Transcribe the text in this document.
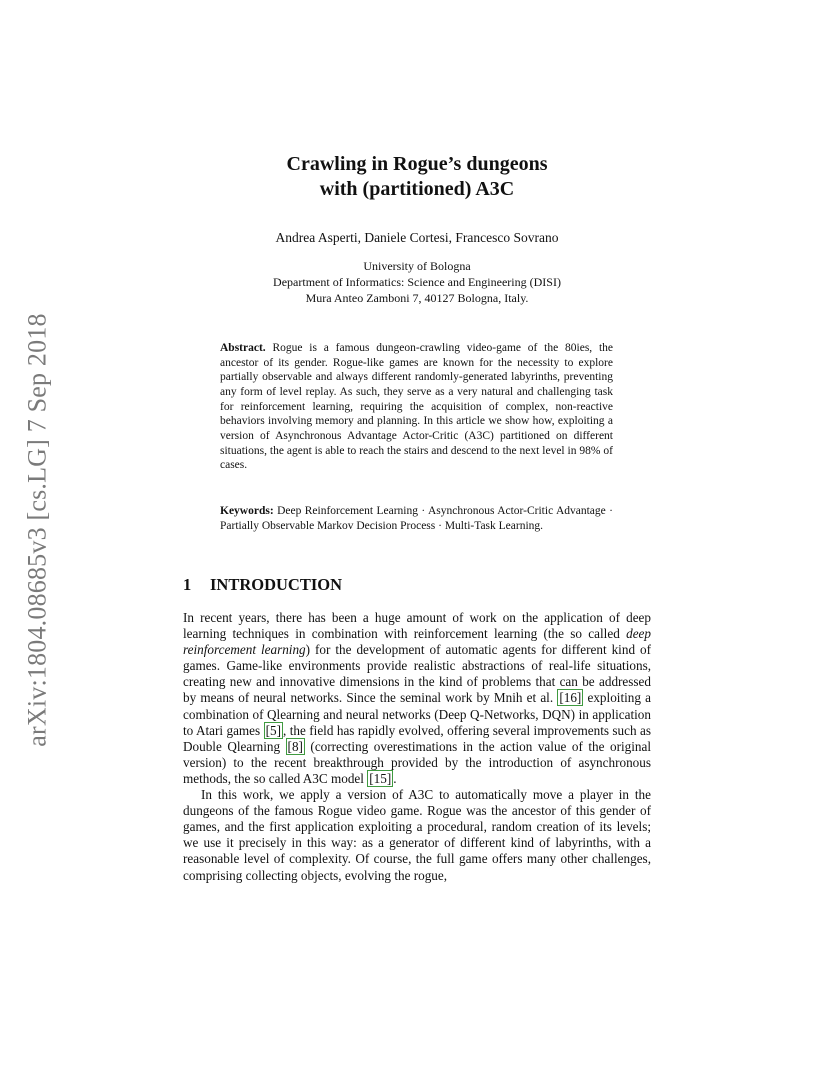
arXiv:1804.08685v3 [cs.LG] 7 Sep 2018
Crawling in Rogue’s dungeons
with (partitioned) A3C
Andrea Asperti, Daniele Cortesi, Francesco Sovrano
University of Bologna
Department of Informatics: Science and Engineering (DISI)
Mura Anteo Zamboni 7, 40127 Bologna, Italy.
Abstract. Rogue is a famous dungeon-crawling video-game of the 80ies, the ancestor of its gender. Rogue-like games are known for the necessity to explore partially observable and always different randomly-generated labyrinths, preventing any form of level replay. As such, they serve as a very natural and challenging task for reinforcement learning, requiring the acquisition of complex, non-reactive behaviors involving memory and planning. In this article we show how, exploiting a version of Asynchronous Advantage Actor-Critic (A3C) partitioned on different situations, the agent is able to reach the stairs and descend to the next level in 98% of cases.
Keywords: Deep Reinforcement Learning · Asynchronous Actor-Critic Advantage · Partially Observable Markov Decision Process · Multi-Task Learning.
1 INTRODUCTION

In recent years, there has been a huge amount of work on the application of deep learning techniques in combination with reinforcement learning (the so called deep reinforcement learning) for the development of automatic agents for different kind of games. Game-like environments provide realistic abstractions of real-life situations, creating new and innovative dimensions in the kind of problems that can be addressed by means of neural networks. Since the seminal work by Mnih et al. [16] exploiting a combination of Qlearning and neural networks (Deep Q-Networks, DQN) in application to Atari games [5] , the field has rapidly evolved, offering several improvements such as Double Qlearning [8] (correcting overestimations in the action value of the original version) to the recent breakthrough provided by the introduction of asynchronous methods, the so called A3C model [15] .

In this work, we apply a version of A3C to automatically move a player in the dungeons of the famous Rogue video game. Rogue was the ancestor of this gender of games, and the first application exploiting a procedural, random creation of its levels; we use it precisely in this way: as a generator of different kind of labyrinths, with a reasonable level of complexity. Of course, the full game offers many other challenges, comprising collecting objects, evolving the rogue,
